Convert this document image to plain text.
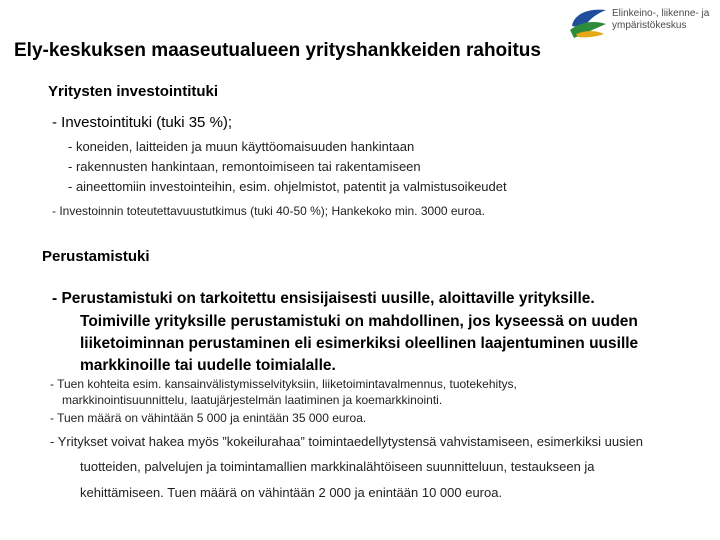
Elinkeino-, liikenne- ja
ympäristökeskus
Ely-keskuksen maaseutualueen yrityshankkeiden rahoitus
Yritysten investointituki
- Investointituki (tuki 35 %);
- koneiden, laitteiden ja muun käyttöomaisuuden hankintaan
- rakennusten hankintaan, remontoimiseen tai rakentamiseen
- aineettomiin investointeihin, esim. ohjelmistot, patentit ja valmistusoikeudet
- Investoinnin toteutettavuustutkimus (tuki 40-50 %); Hankekoko min. 3000 euroa.
Perustamistuki
- Perustamistuki on tarkoitettu ensisijaisesti uusille, aloittaville yrityksille.
Toimiville yrityksille perustamistuki on mahdollinen, jos kyseessä on uuden
liiketoiminnan perustaminen eli esimerkiksi oleellinen laajentuminen uusille
markkinoille tai uudelle toimialalle.
- Tuen kohteita esim. kansainvälistymisselvityksiin, liiketoimintavalmennus, tuotekehitys,
markkinointisuunnittelu, laatujärjestelmän laatiminen ja koemarkkinointi.
- Tuen määrä on vähintään 5 000 ja enintään 35 000 euroa.
- Yritykset voivat hakea myös ”kokeilurahaa” toimintaedellytystensä vahvistamiseen, esimerkiksi uusien
tuotteiden, palvelujen ja toimintamallien markkinalähtöiseen suunnitteluun, testaukseen ja
kehittämiseen. Tuen määrä on vähintään 2 000 ja enintään 10 000 euroa.
